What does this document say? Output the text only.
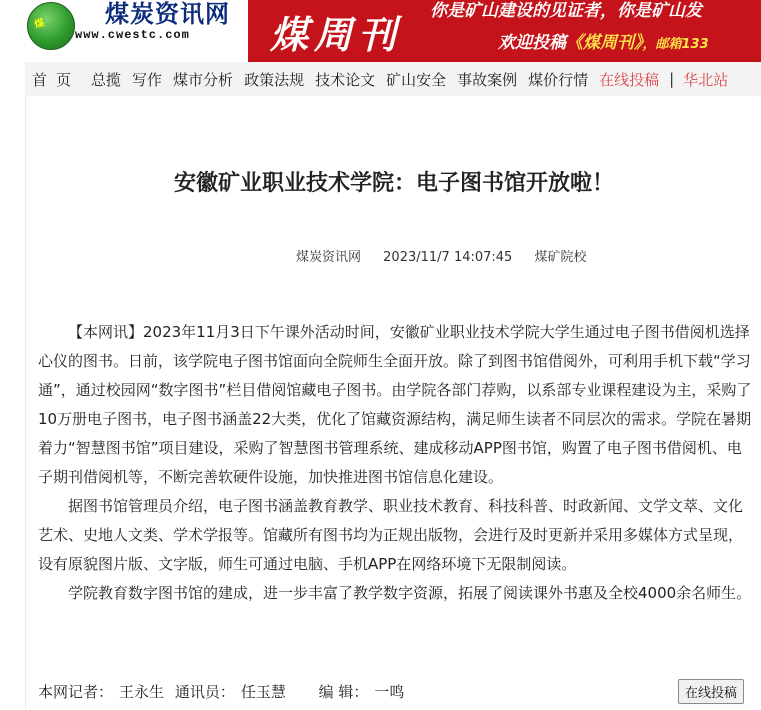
煤 煤炭资讯网
www.cwestc.com 煤周刊
你是矿山建设的见证者，你是矿山发
欢迎投稿《煤周刊》，邮箱133
首页 总揽 写作 煤市分析 政策法规 技术论文 矿山安全 事故案例 煤价行情 在线投稿 | 华北站
安徽矿业职业技术学院：电子图书馆开放啦！
煤炭资讯网 2023/11/7 14:07:45 煤矿院校

【本网讯】2023年11月3日下午课外活动时间，安徽矿业职业技术学院大学生通过电子图书借阅机选择心仪的图书。日前，该学院电子图书馆面向全院师生全面开放。除了到图书馆借阅外，可利用手机下载“学习通”，通过校园网“数字图书”栏目借阅馆藏电子图书。由学院各部门荐购，以系部专业课程建设为主，采购了10万册电子图书，电子图书涵盖22大类，优化了馆藏资源结构，满足师生读者不同层次的需求。学院在暑期着力“智慧图书馆”项目建设，采购了智慧图书管理系统、建成移动APP图书馆，购置了电子图书借阅机、电子期刊借阅机等，不断完善软硬件设施，加快推进图书馆信息化建设。

据图书馆管理员介绍，电子图书涵盖教育教学、职业技术教育、科技科普、时政新闻、文学文萃、文化艺术、史地人文类、学术学报等。馆藏所有图书均为正规出版物，会进行及时更新并采用多媒体方式呈现，设有原貌图片版、文字版，师生可通过电脑、手机APP在网络环境下无限制阅读。

学院教育数字图书馆的建成，进一步丰富了教学数字资源，拓展了阅读课外书惠及全校4000余名师生。

本网记者： 王永生 通讯员： 任玉慧 编 辑： 一鸣	在线投稿
